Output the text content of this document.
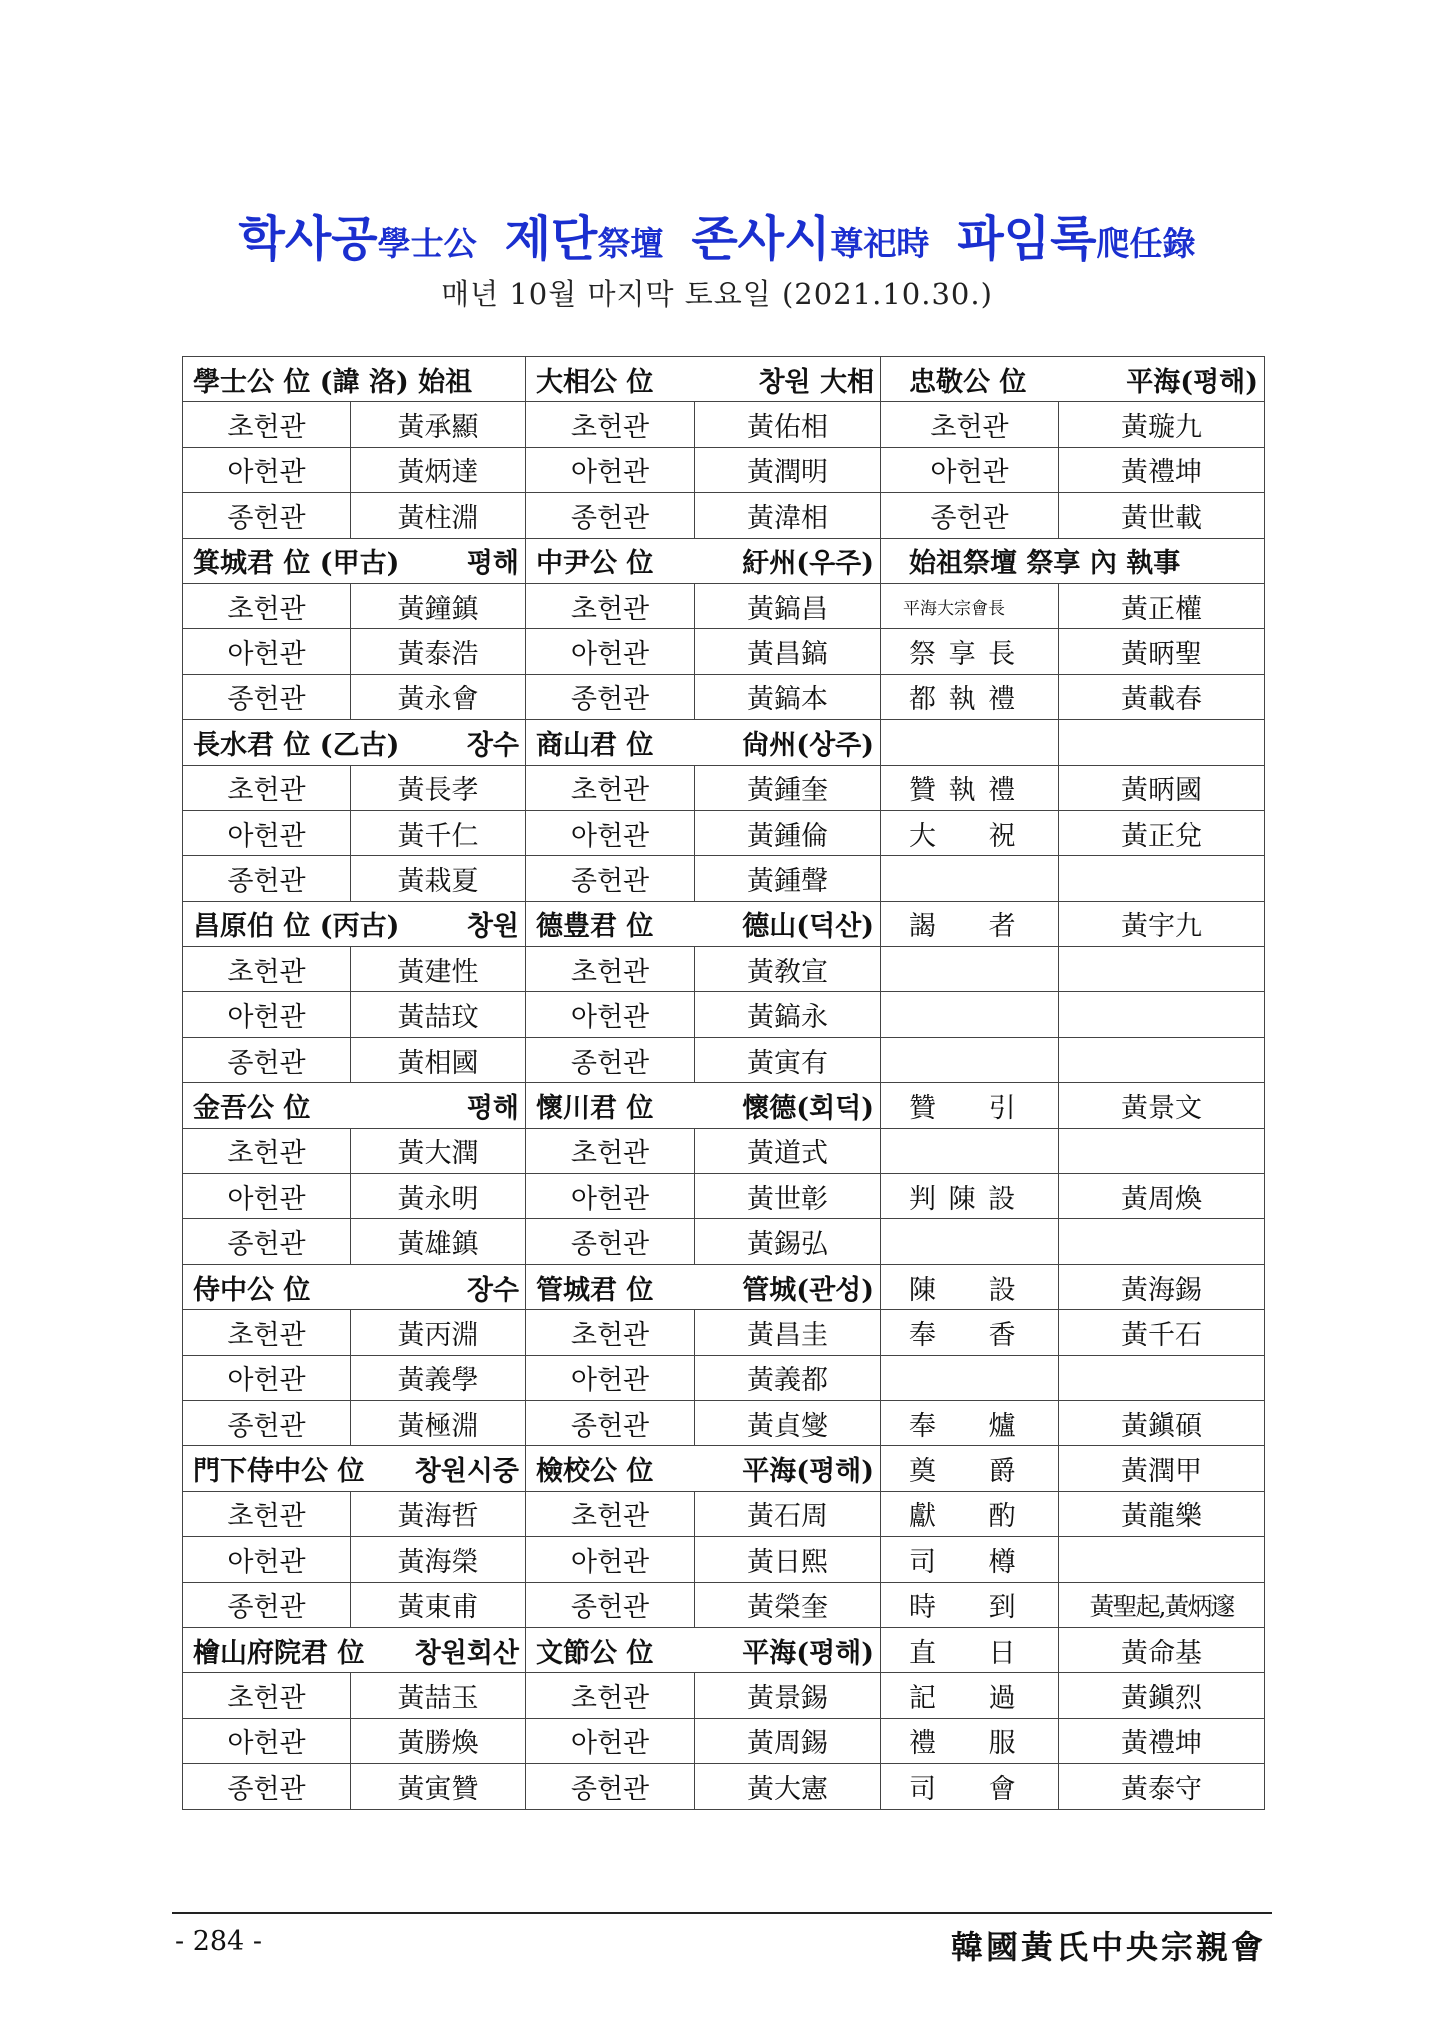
학사공學士公 제단祭壇 존사시尊祀時 파임록爬任錄
매년 10월 마지막 토요일 (2021.10.30.)
學士公 位 (諱 洛) 始祖		大相公 位 창원 大相		忠敬公 位 平海(평해)	

초헌관	黃承顯	초헌관	黃佑相	초헌관	黃璇九
아헌관	黃炳達	아헌관	黃潤明	아헌관	黃禮坤
종헌관	黃柱淵	종헌관	黃湋相	종헌관	黃世載

箕城君 位 (甲古) 평해		中尹公 位 紆州(우주)		始祖祭壇 祭享 內 執事	

초헌관	黃鐘鎮	초헌관	黃鎬昌	平海大宗會長	黃正權
아헌관	黃泰浩	아헌관	黃昌鎬	祭 享 長	黃昞聖
종헌관	黃永會	종헌관	黃鎬本	都 執 禮	黃載春

長水君 位 (乙古) 장수		商山君 位 尙州(상주)			

초헌관	黃長孝	초헌관	黃鍾奎	贊 執 禮	黃昞國
아헌관	黃千仁	아헌관	黃鍾倫	大 祝	黃正兌
종헌관	黃栽夏	종헌관	黃鍾聲		

昌原伯 位 (丙古) 창원		德豊君 位 德山(덕산)		謁 者	黃宇九
초헌관	黃建性	초헌관	黃敎宣		
아헌관	黃喆玟	아헌관	黃鎬永		
종헌관	黃相國	종헌관	黃寅有		

金吾公 位 평해		懷川君 位 懷德(회덕)		贊 引	黃景文
초헌관	黃大潤	초헌관	黃道式		
아헌관	黃永明	아헌관	黃世彰	判 陳 設	黃周煥
종헌관	黃雄鎮	종헌관	黃錫弘		

侍中公 位 장수		管城君 位 管城(관성)		陳 設	黃海錫
초헌관	黃丙淵	초헌관	黃昌圭	奉 香	黃千石
아헌관	黃義學	아헌관	黃義都		
종헌관	黃極淵	종헌관	黃貞燮	奉 爐	黃鎭碩

門下侍中公 位 창원시중		檢校公 位 平海(평해)		奠 爵	黃潤甲
초헌관	黃海哲	초헌관	黃石周	獻 酌	黃龍樂
아헌관	黃海榮	아헌관	黃日熙	司 樽	
종헌관	黃東甫	종헌관	黃榮奎	時 到	黃聖起,黃炳邃

檜山府院君 位 창원회산		文節公 位 平海(평해)		直 日	黃命基
초헌관	黃喆玉	초헌관	黃景錫	記 過	黃鎭烈
아헌관	黃勝煥	아헌관	黃周錫	禮 服	黃禮坤
종헌관	黃寅贊	종헌관	黃大憲	司 會	黃泰守
- 284 -	韓國黃氏中央宗親會
